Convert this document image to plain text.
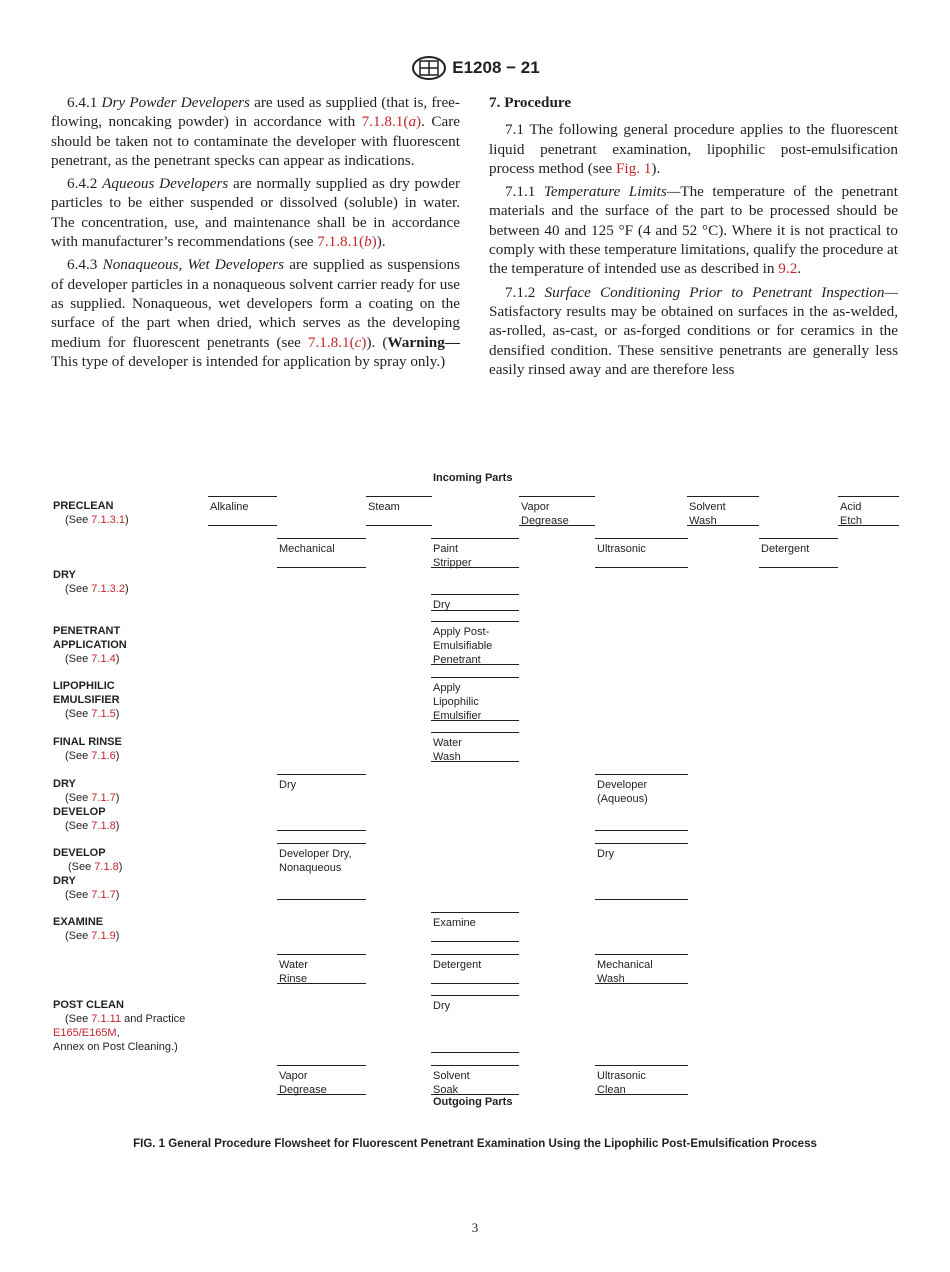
E1208 − 21

6.4.1 Dry Powder Developers are used as supplied (that is, free-flowing, noncaking powder) in accordance with 7.1.8.1(a). Care should be taken not to contaminate the developer with fluorescent penetrant, as the penetrant specks can appear as indications.

6.4.2 Aqueous Developers are normally supplied as dry powder particles to be either suspended or dissolved (soluble) in water. The concentration, use, and maintenance shall be in accordance with manufacturer’s recommendations (see 7.1.8.1(b)).

6.4.3 Nonaqueous, Wet Developers are supplied as suspensions of developer particles in a nonaqueous solvent carrier ready for use as supplied. Nonaqueous, wet developers form a coating on the surface of the part when dried, which serves as the developing medium for fluorescent penetrants (see 7.1.8.1(c)). (Warning—This type of developer is intended for application by spray only.)

7. Procedure

7.1 The following general procedure applies to the fluorescent liquid penetrant examination, lipophilic post-emulsification process method (see Fig. 1).

7.1.1 Temperature Limits—The temperature of the penetrant materials and the surface of the part to be processed should be between 40 and 125 °F (4 and 52 °C). Where it is not practical to comply with these temperature limitations, qualify the procedure at the temperature of intended use as described in 9.2.

7.1.2 Surface Conditioning Prior to Penetrant Inspection—Satisfactory results may be obtained on surfaces in the as-welded, as-rolled, as-cast, or as-forged conditions or for ceramics in the densified condition. These sensitive penetrants are generally less easily rinsed away and are therefore less

Incoming Parts
PRECLEAN
(See 7.1.3.1)
DRY
(See 7.1.3.2)
PENETRANT
APPLICATION
(See 7.1.4)
LIPOPHILIC
EMULSIFIER
(See 7.1.5)
FINAL RINSE
(See 7.1.6)
DRY
(See 7.1.7)
DEVELOP
(See 7.1.8)
DEVELOP
(See 7.1.8)
DRY
(See 7.1.7)
EXAMINE
(See 7.1.9)
POST CLEAN
(See 7.1.11 and Practice
E165/E165M,
Annex on Post Cleaning.)
Alkaline	Steam	Vapor
Degrease
Solvent
Wash
Acid
Etch
Mechanical	Paint
Stripper
Ultrasonic	Detergent
Dry
Apply Post-
Emulsifiable
Penetrant
Apply
Lipophilic
Emulsifier
Water
Wash
Dry	Developer
(Aqueous)
Developer Dry,
Nonaqueous
Dry
Examine
Water
Rinse
Detergent	Mechanical
Wash
Dry
Vapor
Degrease
Solvent
Soak
Ultrasonic
Clean
Outgoing Parts
FIG. 1 General Procedure Flowsheet for Fluorescent Penetrant Examination Using the Lipophilic Post-Emulsification Process
3
